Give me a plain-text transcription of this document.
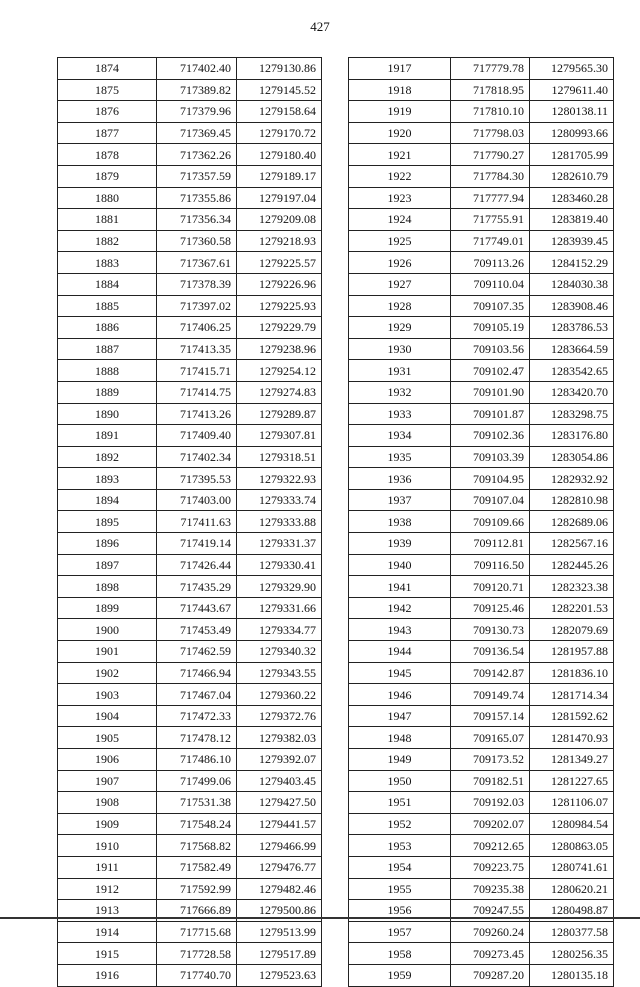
427
1874	717402.40	1279130.86
1875	717389.82	1279145.52
1876	717379.96	1279158.64
1877	717369.45	1279170.72
1878	717362.26	1279180.40
1879	717357.59	1279189.17
1880	717355.86	1279197.04
1881	717356.34	1279209.08
1882	717360.58	1279218.93
1883	717367.61	1279225.57
1884	717378.39	1279226.96
1885	717397.02	1279225.93
1886	717406.25	1279229.79
1887	717413.35	1279238.96
1888	717415.71	1279254.12
1889	717414.75	1279274.83
1890	717413.26	1279289.87
1891	717409.40	1279307.81
1892	717402.34	1279318.51
1893	717395.53	1279322.93
1894	717403.00	1279333.74
1895	717411.63	1279333.88
1896	717419.14	1279331.37
1897	717426.44	1279330.41
1898	717435.29	1279329.90
1899	717443.67	1279331.66
1900	717453.49	1279334.77
1901	717462.59	1279340.32
1902	717466.94	1279343.55
1903	717467.04	1279360.22
1904	717472.33	1279372.76
1905	717478.12	1279382.03
1906	717486.10	1279392.07
1907	717499.06	1279403.45
1908	717531.38	1279427.50
1909	717548.24	1279441.57
1910	717568.82	1279466.99
1911	717582.49	1279476.77
1912	717592.99	1279482.46
1913	717666.89	1279500.86
1914	717715.68	1279513.99
1915	717728.58	1279517.89
1916	717740.70	1279523.63
1917	717779.78	1279565.30
1918	717818.95	1279611.40
1919	717810.10	1280138.11
1920	717798.03	1280993.66
1921	717790.27	1281705.99
1922	717784.30	1282610.79
1923	717777.94	1283460.28
1924	717755.91	1283819.40
1925	717749.01	1283939.45
1926	709113.26	1284152.29
1927	709110.04	1284030.38
1928	709107.35	1283908.46
1929	709105.19	1283786.53
1930	709103.56	1283664.59
1931	709102.47	1283542.65
1932	709101.90	1283420.70
1933	709101.87	1283298.75
1934	709102.36	1283176.80
1935	709103.39	1283054.86
1936	709104.95	1282932.92
1937	709107.04	1282810.98
1938	709109.66	1282689.06
1939	709112.81	1282567.16
1940	709116.50	1282445.26
1941	709120.71	1282323.38
1942	709125.46	1282201.53
1943	709130.73	1282079.69
1944	709136.54	1281957.88
1945	709142.87	1281836.10
1946	709149.74	1281714.34
1947	709157.14	1281592.62
1948	709165.07	1281470.93
1949	709173.52	1281349.27
1950	709182.51	1281227.65
1951	709192.03	1281106.07
1952	709202.07	1280984.54
1953	709212.65	1280863.05
1954	709223.75	1280741.61
1955	709235.38	1280620.21
1956	709247.55	1280498.87
1957	709260.24	1280377.58
1958	709273.45	1280256.35
1959	709287.20	1280135.18
